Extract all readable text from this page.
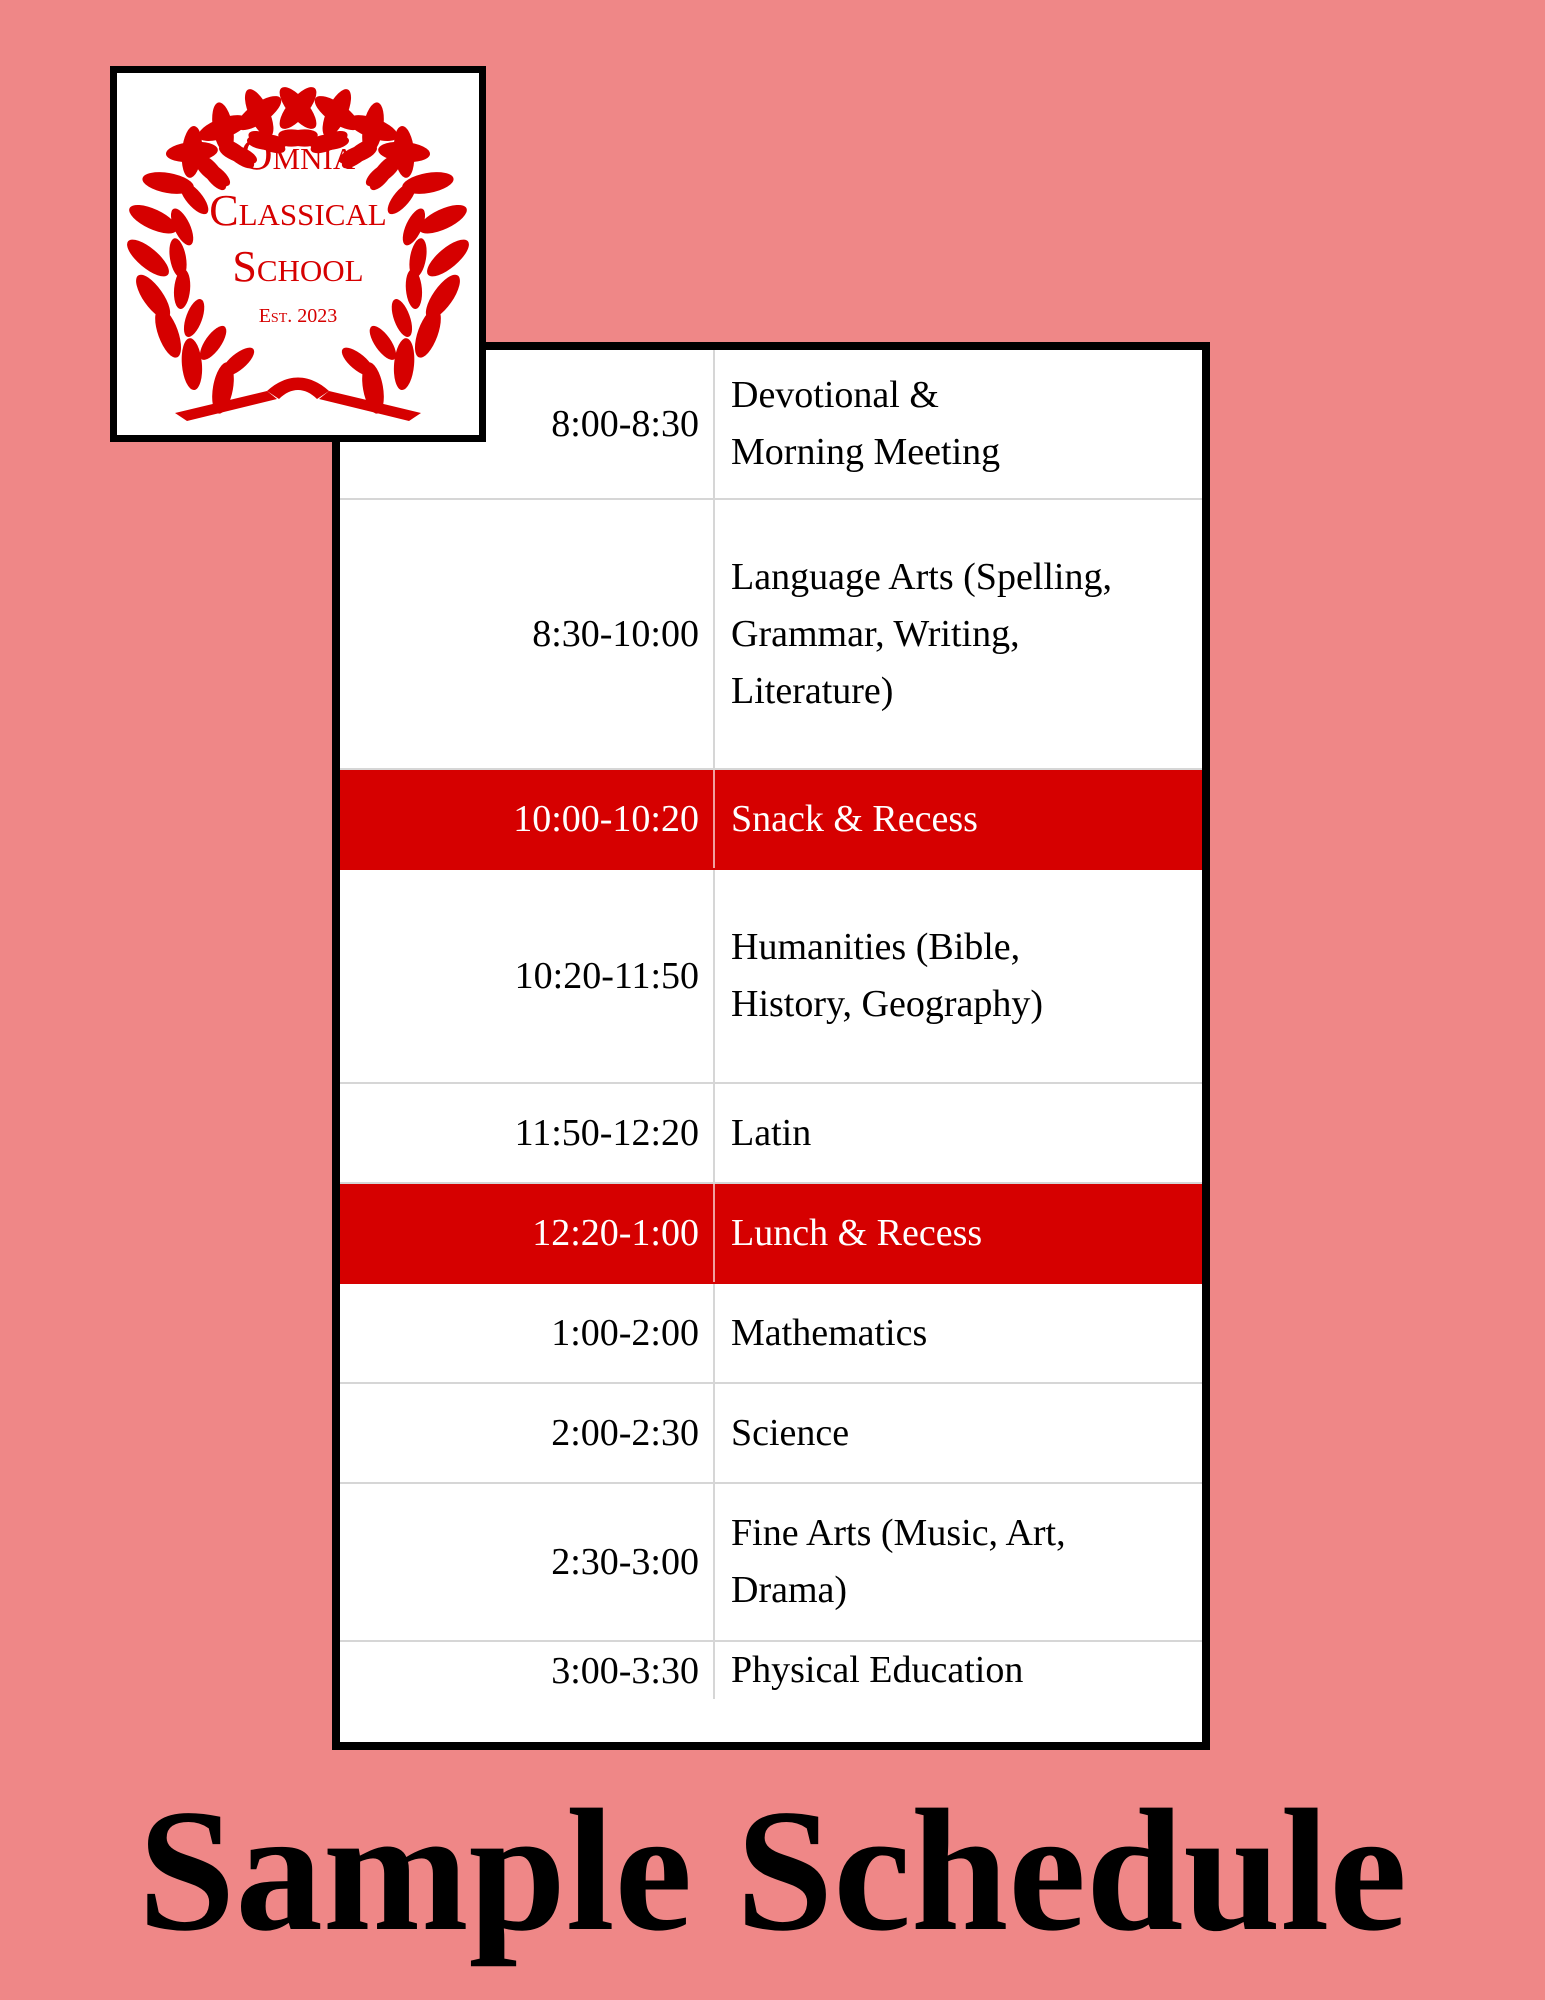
8:00-8:30
Devotional & Morning Meeting
8:30-10:00
Language Arts (Spelling, Grammar, Writing, Literature)
10:00-10:20 Snack & Recess
10:20-11:50
Humanities (Bible, History, Geography)
11:50-12:20 Latin
12:20-1:00 Lunch & Recess
1:00-2:00 Mathematics
2:00-2:30 Science
2:30-3:00
Fine Arts (Music, Art, Drama)
3:00-3:30 Physical Education
Omnia
Classical
School
Est. 2023
Sample Schedule
